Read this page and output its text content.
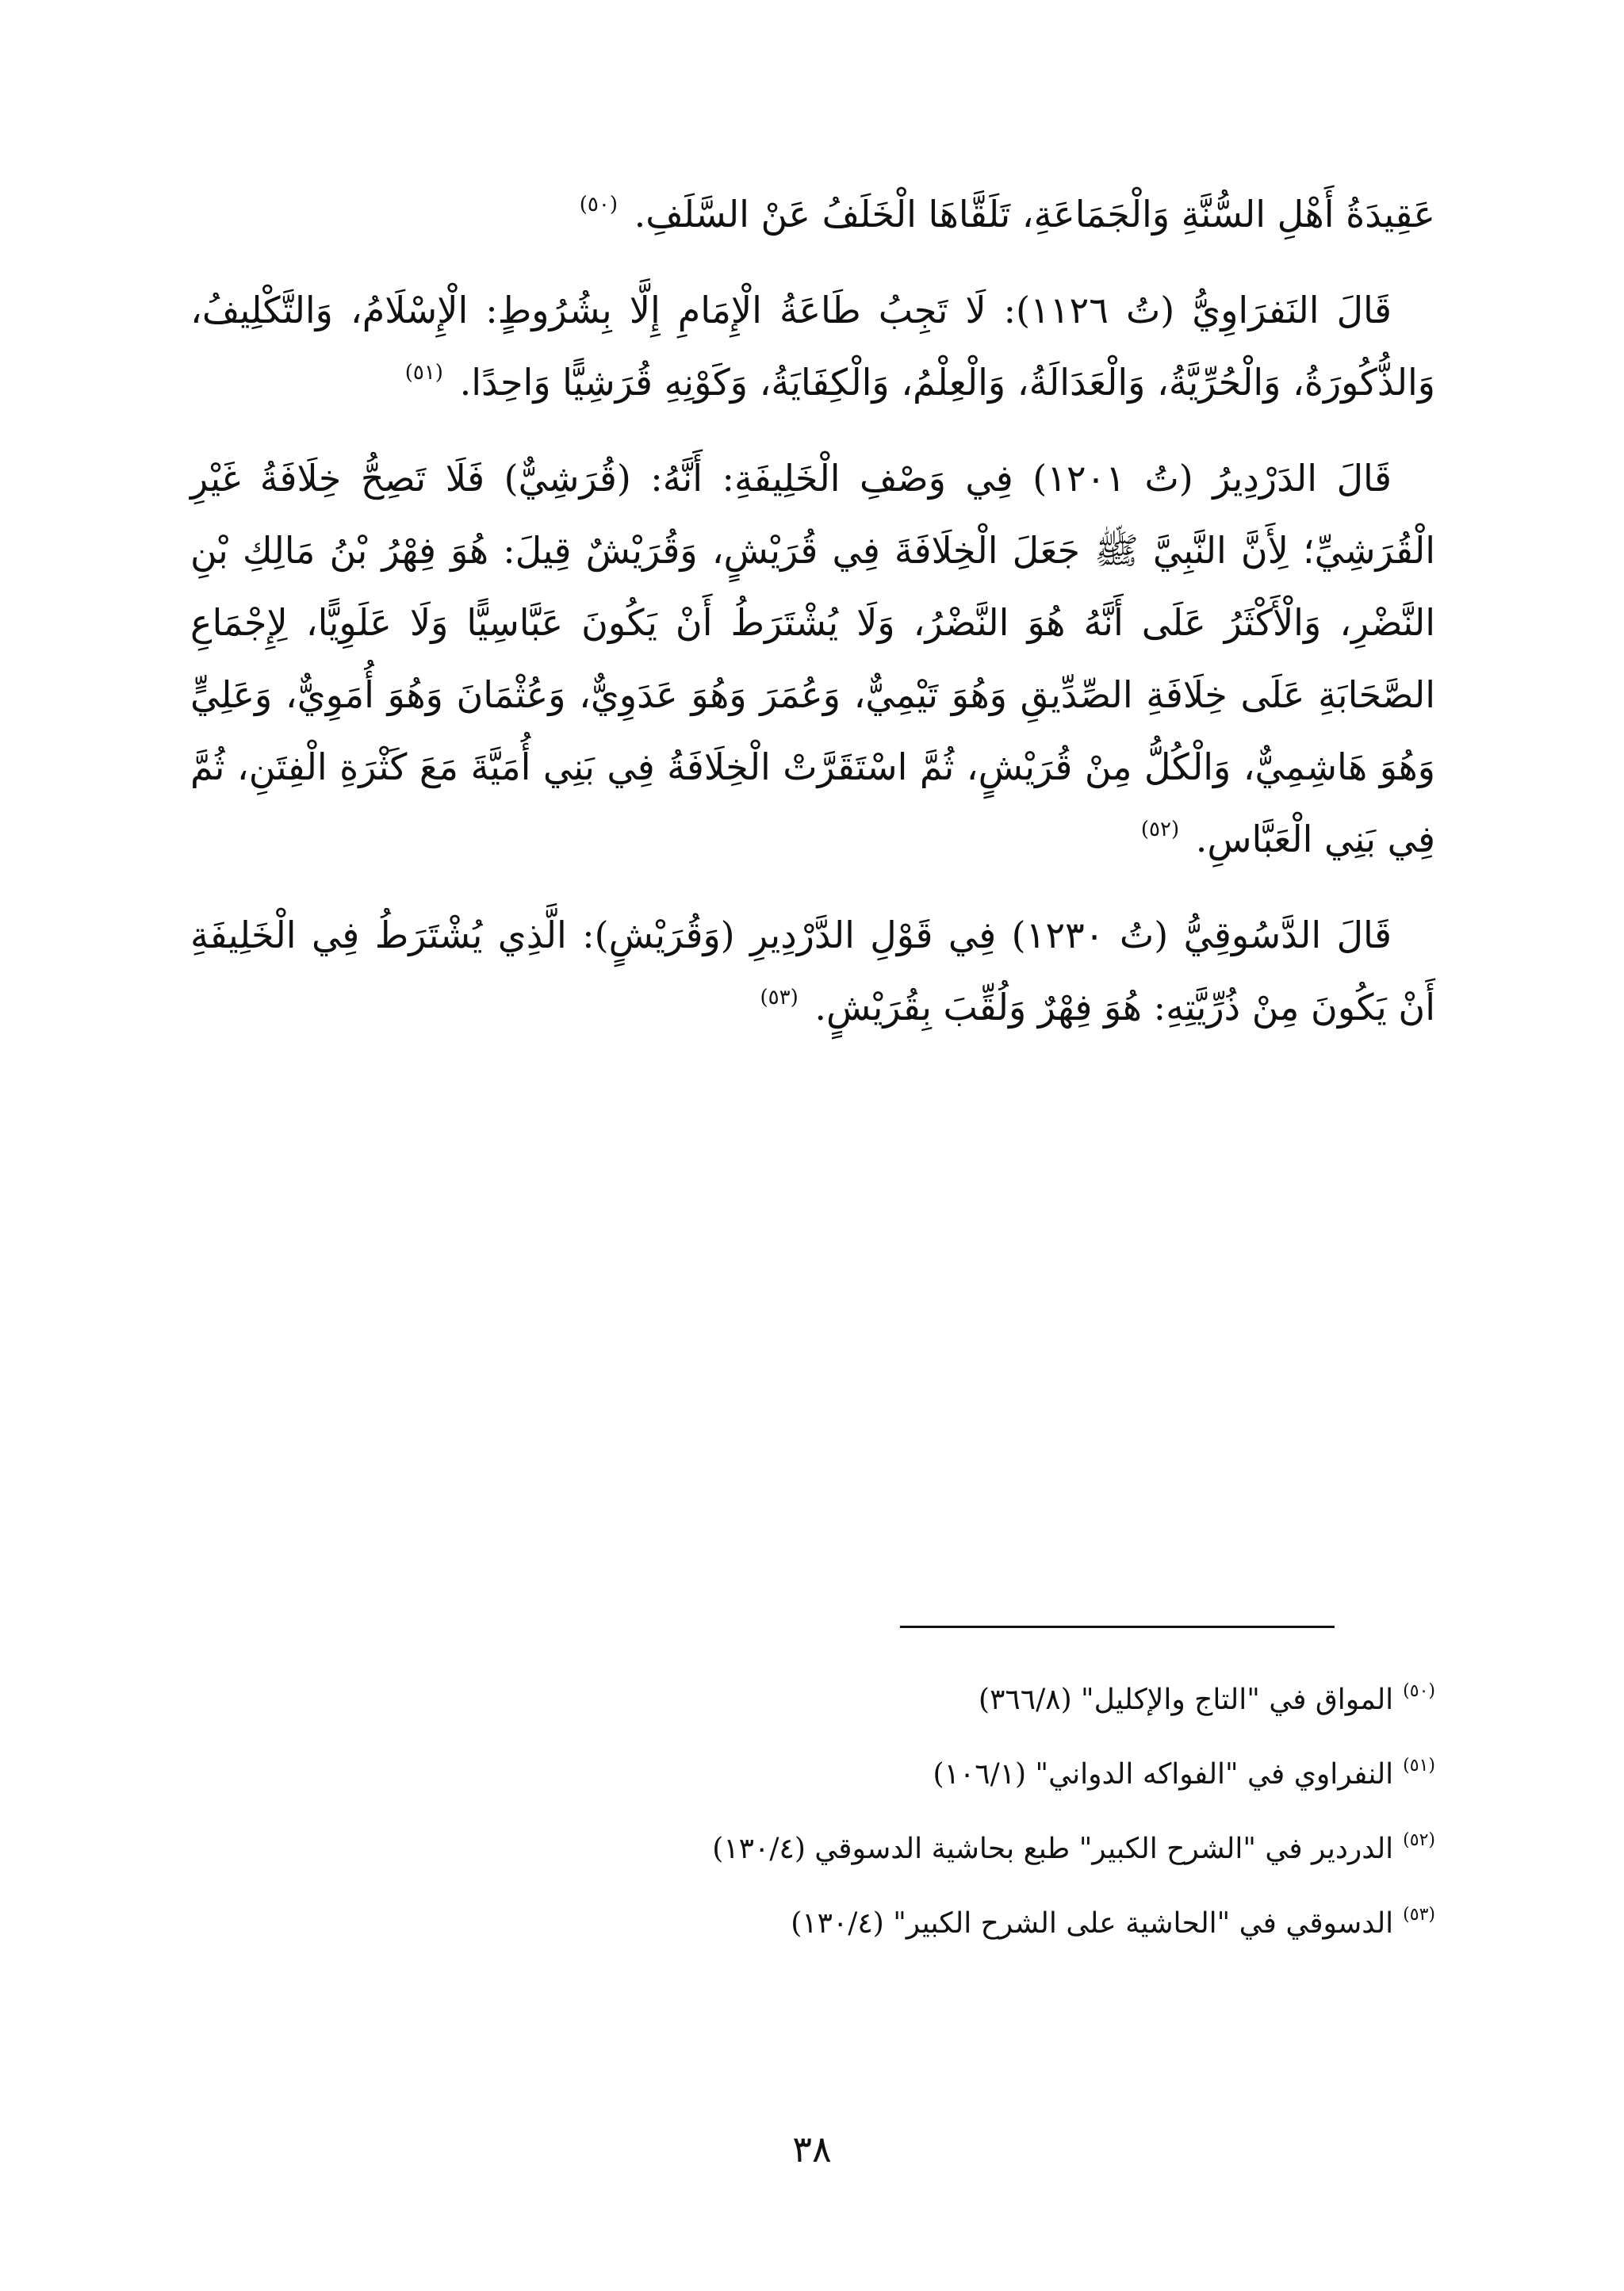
عَقِيدَةُ أَهْلِ السُّنَّةِ وَالْجَمَاعَةِ، تَلَقَّاهَا الْخَلَفُ عَنْ السَّلَفِ. $^{(٥٠)}$

قَالَ النَفرَاوِيُّ (تُ ١١٢٦): لَا تَجِبُ طَاعَةُ الْإِمَامِ إِلَّا بِشُرُوطٍ: الْإِسْلَامُ، وَالتَّكْلِيفُ، وَالذُّكُورَةُ، وَالْحُرِّيَّةُ، وَالْعَدَالَةُ، وَالْعِلْمُ، وَالْكِفَايَةُ، وَكَوْنِهِ قُرَشِيًّا وَاحِدًا. $^{(٥١)}$

قَالَ الدَرْدِيرُ (تُ ١٢٠١) فِي وَصْفِ الْخَلِيفَةِ: أَنَّهُ: (قُرَشِيٌّ) فَلَا تَصِحُّ خِلَافَةُ غَيْرِ الْقُرَشِيِّ؛ لِأَنَّ النَّبِيَّ ﷺ جَعَلَ الْخِلَافَةَ فِي قُرَيْشٍ، وَقُرَيْشٌ قِيلَ: هُوَ فِهْرُ بْنُ مَالِكِ بْنِ النَّضْرِ، وَالْأَكْثَرُ عَلَى أَنَّهُ هُوَ النَّضْرُ، وَلَا يُشْتَرَطُ أَنْ يَكُونَ عَبَّاسِيًّا وَلَا عَلَوِيًّا، لِإِجْمَاعِ الصَّحَابَةِ عَلَى خِلَافَةِ الصِّدِّيقِ وَهُوَ تَيْمِيٌّ، وَعُمَرَ وَهُوَ عَدَوِيٌّ، وَعُثْمَانَ وَهُوَ أُمَوِيٌّ، وَعَلِيٍّ وَهُوَ هَاشِمِيٌّ، وَالْكُلُّ مِنْ قُرَيْشٍ، ثُمَّ اسْتَقَرَّتْ الْخِلَافَةُ فِي بَنِي أُمَيَّةَ مَعَ كَثْرَةِ الْفِتَنِ، ثُمَّ فِي بَنِي الْعَبَّاسِ. $^{(٥٢)}$

قَالَ الدَّسُوقِيُّ (تُ ١٢٣٠) فِي قَوْلِ الدَّرْدِيرِ (وَقُرَيْشٍ): الَّذِي يُشْتَرَطُ فِي الْخَلِيفَةِ أَنْ يَكُونَ مِنْ ذُرِّيَّتِهِ: هُوَ فِهْرٌ وَلُقِّبَ بِقُرَيْشٍ. $^{(٥٣)}$

$^{(٥٠)}$المواق في "التاج والإكليل" (٣٦٦/٨)
$^{(٥١)}$النفراوي في "الفواكه الدواني" (١٠٦/١)
$^{(٥٢)}$الدردير في "الشرح الكبير" طبع بحاشية الدسوقي (١٣٠/٤)
$^{(٥٣)}$الدسوقي في "الحاشية على الشرح الكبير" (١٣٠/٤)
٣٨
